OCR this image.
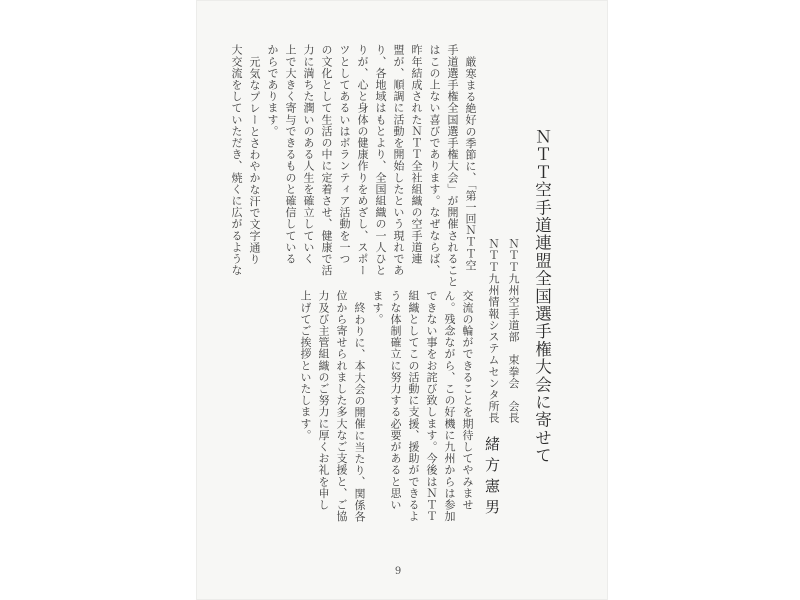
ＮＴＴ空手道連盟全国選手権大会に寄せて
ＮＴＴ九州空手道部　束拳会　会長
ＮＴＴ九州情報システムセンタ所長
緒方憲男
交流の輪ができることを期待してやみませ
ん。残念ながら、この好機に九州からは参加
できない事をお詫び致します。今後はＮＴＴ
組織としてこの活動に支援、援助ができるよ
うな体制確立に努力する必要があると思い
ます。
終わりに、本大会の開催に当たり、関係各
位から寄せられました多大なご支援と、ご協
力及び主管組織のご努力に厚くお礼を申し
上げてご挨拶といたします。
厳寒まる絶好の季節に、「第一回ＮＴＴ空
手道選手権全国選手権大会」が開催されること
はこの上ない喜びであります。なぜならば、
昨年結成されたＮＴＴ全社組織の空手道連
盟が、順調に活動を開始したという現れであ
り、各地域はもとより、全国組織の一人ひと
りが、心と身体の健康作りをめざし、スポー
ツとしてあるいはボランティア活動を一つ
の文化として生活の中に定着させ、健康で活
力に満ちた潤いのある人生を確立していく
上で大きく寄与できるものと確信している
からであります。
元気なプレーとさわやかな汗で文字通り
大交流をしていただき、焼くに広がるような
9
